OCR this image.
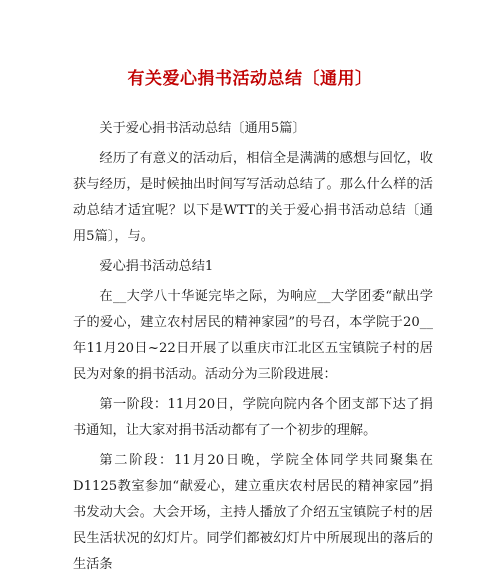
有关爱心捐书活动总结〔通用〕

关于爱心捐书活动总结〔通用5篇〕

经历了有意义的活动后，相信全是满满的感想与回忆，收获与经历，是时候抽出时间写写活动总结了。那么什么样的活动总结才适宜呢？以下是WTT的关于爱心捐书活动总结〔通用5篇〕，与。

爱心捐书活动总结1

在__大学八十华诞完毕之际，为响应__大学团委“献出学子的爱心，建立农村居民的精神家园”的号召，本学院于20__年11月20日~22日开展了以重庆市江北区五宝镇院子村的居民为对象的捐书活动。活动分为三阶段进展：

第一阶段：11月20日，学院向院内各个团支部下达了捐书通知，让大家对捐书活动都有了一个初步的理解。

第二阶段：11月20日晚，学院全体同学共同聚集在D1125教室参加“献爱心，建立重庆农村居民的精神家园”捐书发动大会。大会开场，主持人播放了介绍五宝镇院子村的居民生活状况的幻灯片。同学们都被幻灯片中所展现出的落后的生活条
